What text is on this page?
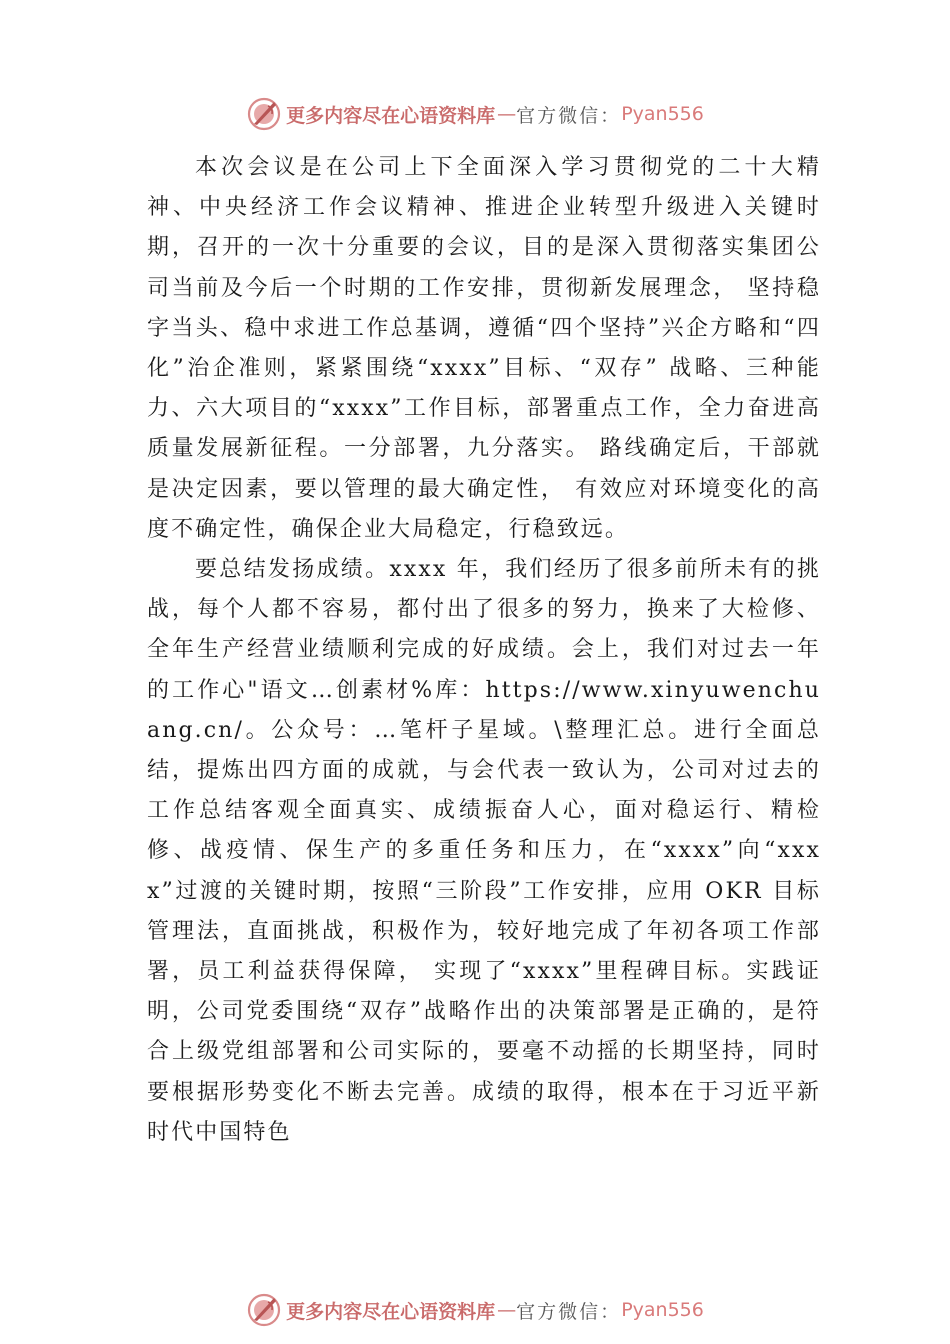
更多内容尽在心语资料库 — 官方微信： Pyan556

本次会议是在公司上下全面深入学习贯彻党的二十大精神、中央经济工作会议精神、推进企业转型升级进入关键时期，召开的一次十分重要的会议，目的是深入贯彻落实集团公司当前及今后一个时期的工作安排，贯彻新发展理念， 坚持稳字当头、稳中求进工作总基调，遵循“四个坚持”兴企方略和“四化”治企准则，紧紧围绕“xxxx”目标、“双存” 战略、三种能力、六大项目的“xxxx”工作目标，部署重点工作，全力奋进高质量发展新征程。一分部署，九分落实。 路线确定后，干部就是决定因素，要以管理的最大确定性， 有效应对环境变化的高度不确定性，确保企业大局稳定，行稳致远。

要总结发扬成绩。xxxx 年，我们经历了很多前所未有的挑战，每个人都不容易，都付出了很多的努力，换来了大检修、全年生产经营业绩顺利完成的好成绩。会上，我们对过去一年的工作心"语文…创素材%库：https://www.xinyuwenchuang.cn/。公众号：…笔杆子星域。\整理汇总。进行全面总结，提炼出四方面的成就，与会代表一致认为，公司对过去的工作总结客观全面真实、成绩振奋人心，面对稳运行、精检修、战疫情、保生产的多重任务和压力，在“xxxx”向“xxxx”过渡的关键时期，按照“三阶段”工作安排，应用 OKR 目标管理法，直面挑战，积极作为，较好地完成了年初各项工作部署，员工利益获得保障， 实现了“xxxx”里程碑目标。实践证明，公司党委围绕“双存”战略作出的决策部署是正确的，是符合上级党组部署和公司实际的，要毫不动摇的长期坚持，同时要根据形势变化不断去完善。成绩的取得，根本在于习近平新时代中国特色

更多内容尽在心语资料库 — 官方微信： Pyan556
